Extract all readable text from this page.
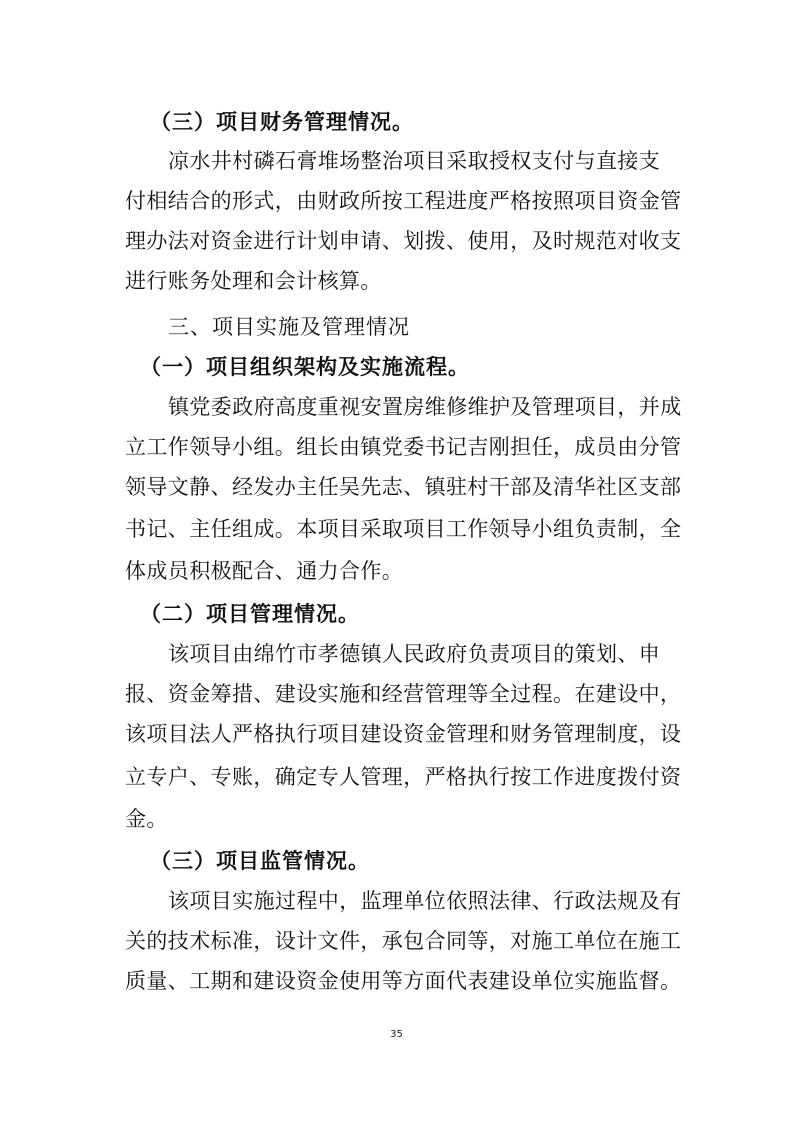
（三）项目财务管理情况。
凉水井村磷石膏堆场整治项目采取授权支付与直接支
付相结合的形式，由财政所按工程进度严格按照项目资金管
理办法对资金进行计划申请、划拨、使用，及时规范对收支
进行账务处理和会计核算。
三、项目实施及管理情况
（一）项目组织架构及实施流程。
镇党委政府高度重视安置房维修维护及管理项目，并成
立工作领导小组。组长由镇党委书记吉刚担任，成员由分管
领导文静、经发办主任吴先志、镇驻村干部及清华社区支部
书记、主任组成。本项目采取项目工作领导小组负责制，全
体成员积极配合、通力合作。
（二）项目管理情况。
该项目由绵竹市孝德镇人民政府负责项目的策划、申
报、资金筹措、建设实施和经营管理等全过程。在建设中，
该项目法人严格执行项目建设资金管理和财务管理制度，设
立专户、专账，确定专人管理，严格执行按工作进度拨付资
金。
（三）项目监管情况。
该项目实施过程中，监理单位依照法律、行政法规及有
关的技术标准，设计文件，承包合同等，对施工单位在施工
质量、工期和建设资金使用等方面代表建设单位实施监督。
35
